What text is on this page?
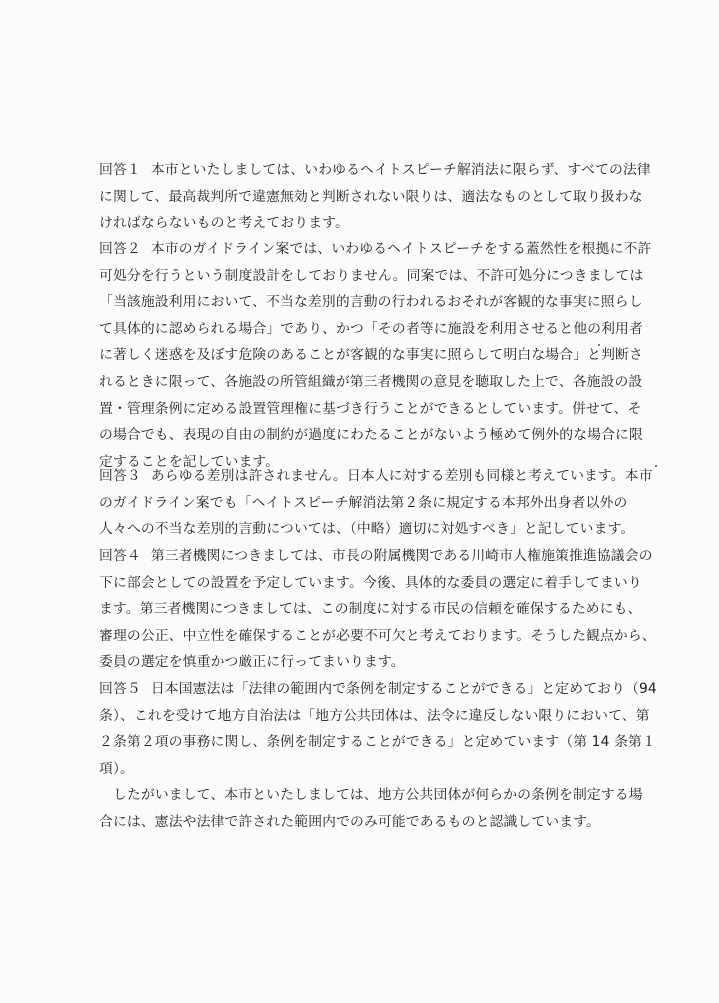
回答１ 本市といたしましては、いわゆるヘイトスピーチ解消法に限らず、すべての法律
に関して、最高裁判所で違憲無効と判断されない限りは、適法なものとして取り扱わな
ければならないものと考えております。
回答２ 本市のガイドライン案では、いわゆるヘイトスピーチをする蓋然性を根拠に不許
可処分を行うという制度設計をしておりません。同案では、不許可処分につきましては
「当該施設利用において、不当な差別的言動の行われるおそれが客観的な事実に照らし
て具体的に認められる場合」であり、かつ「その者等に施設を利用させると他の利用者
に著しく迷惑を及ぼす危険のあることが客観的な事実に照らして明白な場合」と判断さ
れるときに限って、各施設の所管組織が第三者機関の意見を聴取した上で、各施設の設
置・管理条例に定める設置管理権に基づき行うことができるとしています。併せて、そ
の場合でも、表現の自由の制約が過度にわたることがないよう極めて例外的な場合に限
定することを記しています。
回答３ あらゆる差別は許されません。日本人に対する差別も同様と考えています。本市
のガイドライン案でも「ヘイトスピーチ解消法第２条に規定する本邦外出身者以外の
人々への不当な差別的言動については、（中略）適切に対処すべき」と記しています。
回答４ 第三者機関につきましては、市長の附属機関である川崎市人権施策推進協議会の
下に部会としての設置を予定しています。今後、具体的な委員の選定に着手してまいり
ます。第三者機関につきましては、この制度に対する市民の信頼を確保するためにも、
審理の公正、中立性を確保することが必要不可欠と考えております。そうした観点から、
委員の選定を慎重かつ厳正に行ってまいります。
回答５ 日本国憲法は「法律の範囲内で条例を制定することができる」と定めており（94
条）、これを受けて地方自治法は「地方公共団体は、法令に違反しない限りにおいて、第
２条第２項の事務に関し、条例を制定することができる」と定めています（第 14 条第１
項）。
したがいまして、本市といたしましては、地方公共団体が何らかの条例を制定する場
合には、憲法や法律で許された範囲内でのみ可能であるものと認識しています。
